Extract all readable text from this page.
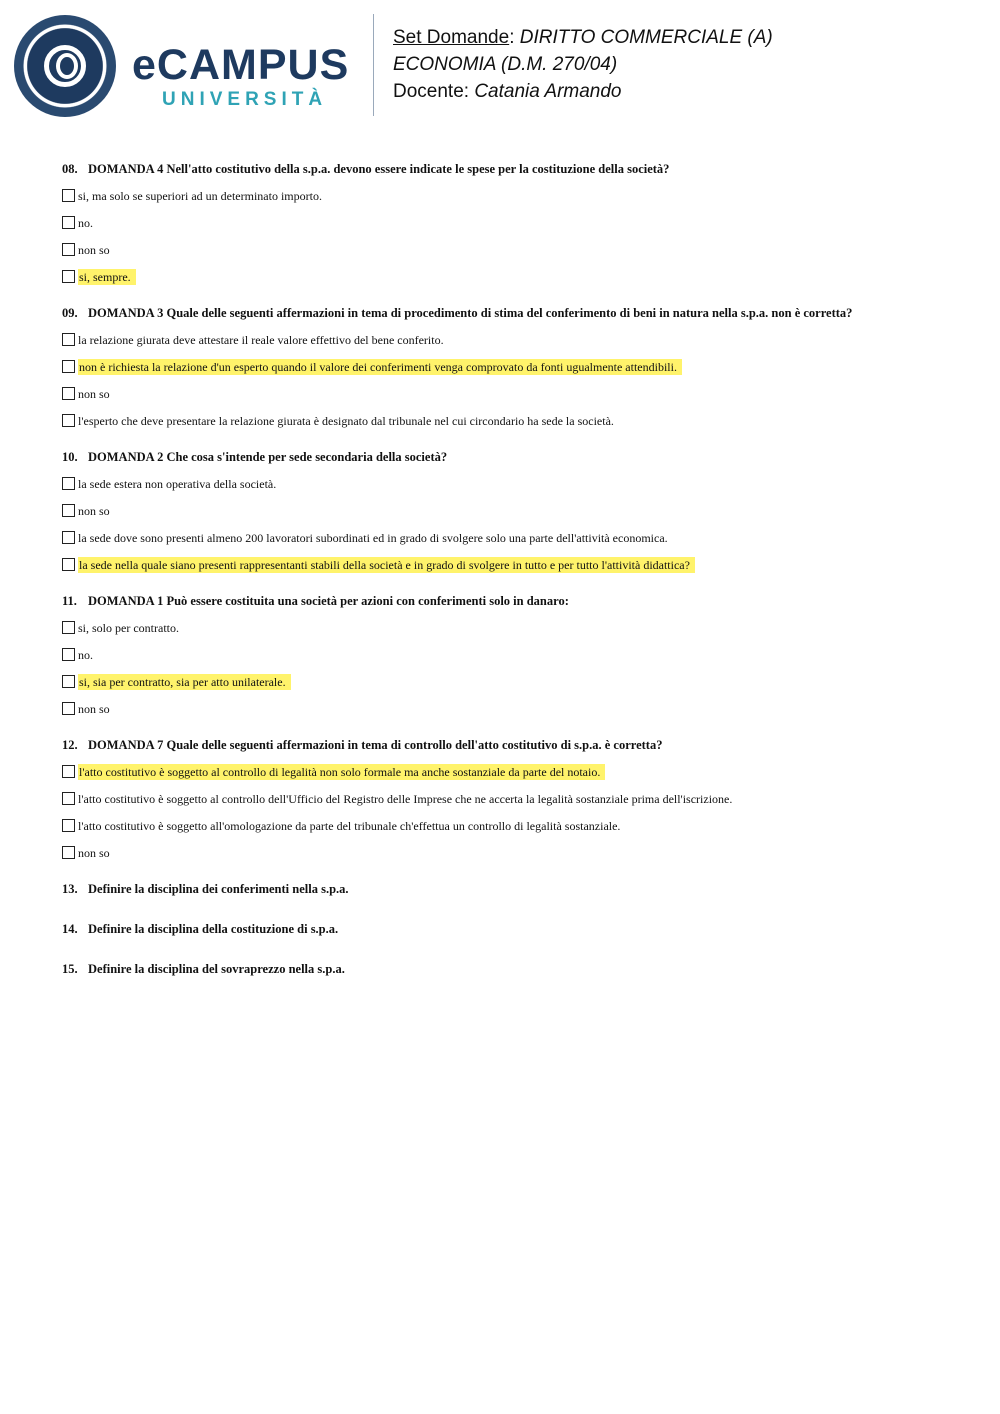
eCAMPUS
UNIVERSITÀ
Set Domande: DIRITTO COMMERCIALE (A)
ECONOMIA (D.M. 270/04)
Docente: Catania Armando

08. DOMANDA 4 Nell'atto costitutivo della s.p.a. devono essere indicate le spese per la costituzione della società?

si, ma solo se superiori ad un determinato importo.
no.
non so
si, sempre.

09. DOMANDA 3 Quale delle seguenti affermazioni in tema di procedimento di stima del conferimento di beni in natura nella s.p.a. non è corretta?

la relazione giurata deve attestare il reale valore effettivo del bene conferito.
non è richiesta la relazione d'un esperto quando il valore dei conferimenti venga comprovato da fonti ugualmente attendibili.
non so
l'esperto che deve presentare la relazione giurata è designato dal tribunale nel cui circondario ha sede la società.

10. DOMANDA 2 Che cosa s'intende per sede secondaria della società?

la sede estera non operativa della società.
non so
la sede dove sono presenti almeno 200 lavoratori subordinati ed in grado di svolgere solo una parte dell'attività economica.
la sede nella quale siano presenti rappresentanti stabili della società e in grado di svolgere in tutto e per tutto l'attività didattica?

11. DOMANDA 1 Può essere costituita una società per azioni con conferimenti solo in danaro:

si, solo per contratto.
no.
si, sia per contratto, sia per atto unilaterale.
non so

12. DOMANDA 7 Quale delle seguenti affermazioni in tema di controllo dell'atto costitutivo di s.p.a. è corretta?

l'atto costitutivo è soggetto al controllo di legalità non solo formale ma anche sostanziale da parte del notaio.
l'atto costitutivo è soggetto al controllo dell'Ufficio del Registro delle Imprese che ne accerta la legalità sostanziale prima dell'iscrizione.
l'atto costitutivo è soggetto all'omologazione da parte del tribunale ch'effettua un controllo di legalità sostanziale.
non so

13. Definire la disciplina dei conferimenti nella s.p.a.

14. Definire la disciplina della costituzione di s.p.a.

15. Definire la disciplina del sovraprezzo nella s.p.a.
